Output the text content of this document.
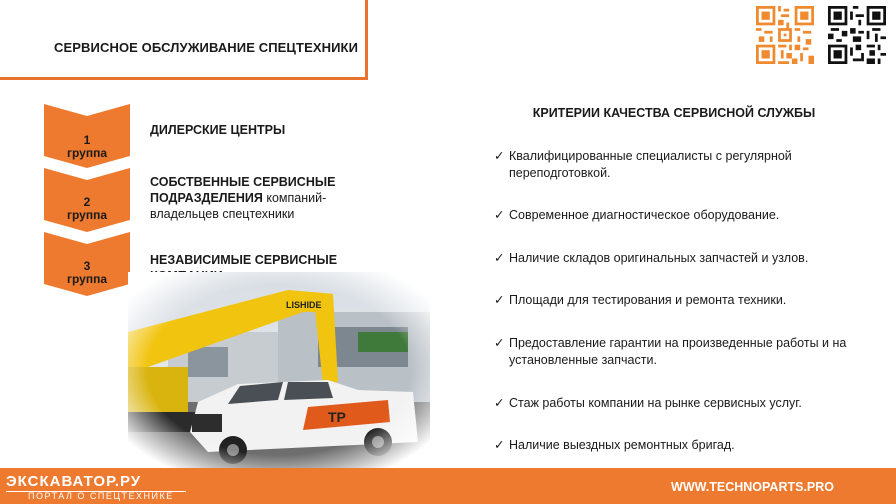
СЕРВИСНОЕ ОБСЛУЖИВАНИЕ СПЕЦТЕХНИКИ
1
группа
2
группа
3
группа
ДИЛЕРСКИЕ ЦЕНТРЫ
СОБСТВЕННЫЕ СЕРВИСНЫЕ ПОДРАЗДЕЛЕНИЯ компаний-владельцев спецтехники
НЕЗАВИСИМЫЕ СЕРВИСНЫЕ
КРИТЕРИИ КАЧЕСТВА СЕРВИСНОЙ СЛУЖБЫ
✓ Квалифицированные специалисты с регулярной переподготовкой.
✓ Современное диагностическое оборудование.
✓ Наличие складов оригинальных запчастей и узлов.
✓ Площади для тестирования и ремонта техники.
✓ Предоставление гарантии на произведенные работы и на установленные запчасти.
✓ Стаж работы компании на рынке сервисных услуг.
✓ Наличие выездных ремонтных бригад.
ЭКСКАВАТОР.РУ
ПОРТАЛ О СПЕЦТЕХНИКЕ
WWW.TECHNOPARTS.PRO
